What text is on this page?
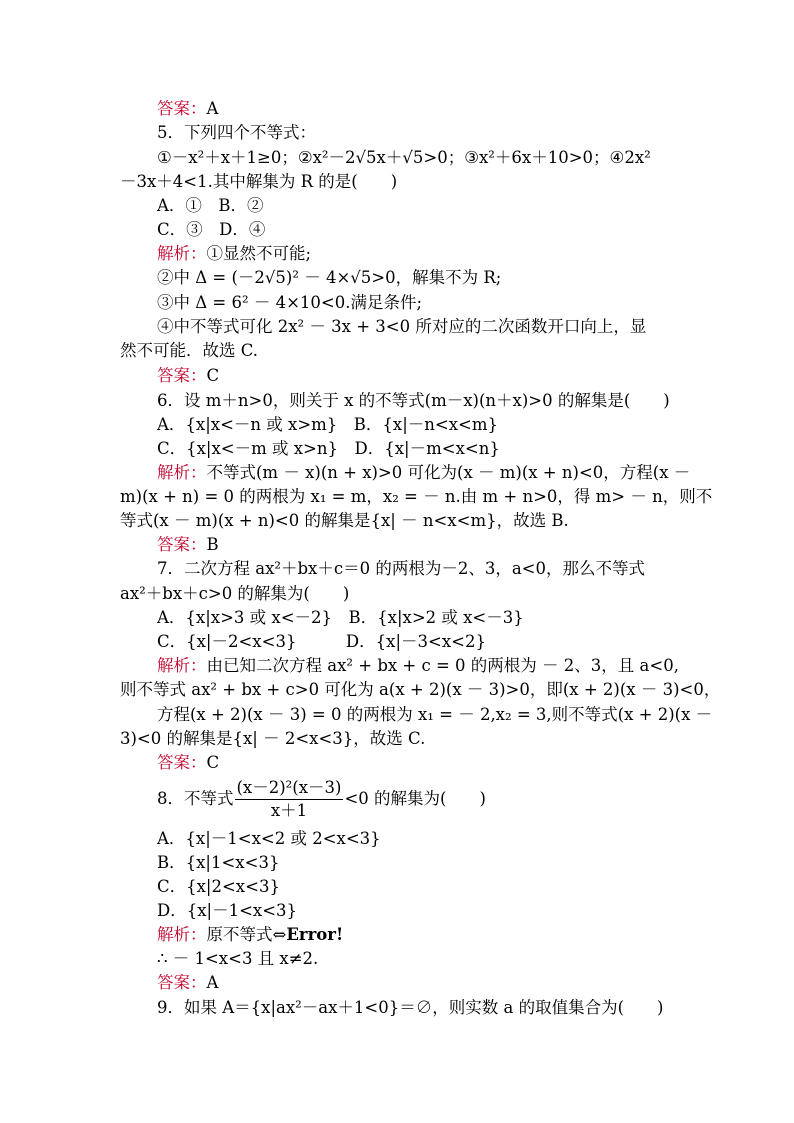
答案：A
5．下列四个不等式：
①－x²＋x＋1≥0；②x²－2√5x＋√5>0；③x²＋6x＋10>0；④2x²
－3x＋4<1.其中解集为 R 的是(　　)
A．①　B．②
C．③　D．④
解析：①显然不可能;
②中 Δ = (－2√5)² － 4×√5>0，解集不为 R;
③中 Δ = 6² － 4×10<0.满足条件;
④中不等式可化 2x² － 3x + 3<0 所对应的二次函数开口向上，显
然不可能．故选 C.
答案：C
6．设 m＋n>0，则关于 x 的不等式(m－x)(n＋x)>0 的解集是(　　)
A．{x|x<－n 或 x>m}　B．{x|－n<x<m}
C．{x|x<－m 或 x>n}　D．{x|－m<x<n}
解析：不等式(m － x)(n + x)>0 可化为(x － m)(x + n)<0，方程(x －
m)(x + n) = 0 的两根为 x₁ = m，x₂ = － n.由 m + n>0，得 m> － n，则不
等式(x － m)(x + n)<0 的解集是{x| － n<x<m}，故选 B.
答案：B
7．二次方程 ax²＋bx＋c＝0 的两根为－2、3，a<0，那么不等式
ax²＋bx＋c>0 的解集为(　　)
A．{x|x>3 或 x<－2}　B．{x|x>2 或 x<－3}
C．{x|－2<x<3}　　　D．{x|－3<x<2}
解析：由已知二次方程 ax² + bx + c = 0 的两根为 － 2、3，且 a<0,
则不等式 ax² + bx + c>0 可化为 a(x + 2)(x － 3)>0，即(x + 2)(x － 3)<0，
方程(x + 2)(x － 3) = 0 的两根为 x₁ = － 2,x₂ = 3,则不等式(x + 2)(x －
3)<0 的解集是{x| － 2<x<3}，故选 C.
答案：C
8．不等式 $\frac{\text{(x－2)²(x－3)}}{x+1} <0$ 的解集为(　　)
A．{x|－1<x<2 或 2<x<3}
B．{x|1<x<3}
C．{x|2<x<3}
D．{x|－1<x<3}
解析：原不等式⇔Error!
∴ － 1<x<3 且 x≠2.
答案：A
9．如果 A＝{x|ax²－ax＋1<0}＝∅，则实数 a 的取值集合为(　　)
